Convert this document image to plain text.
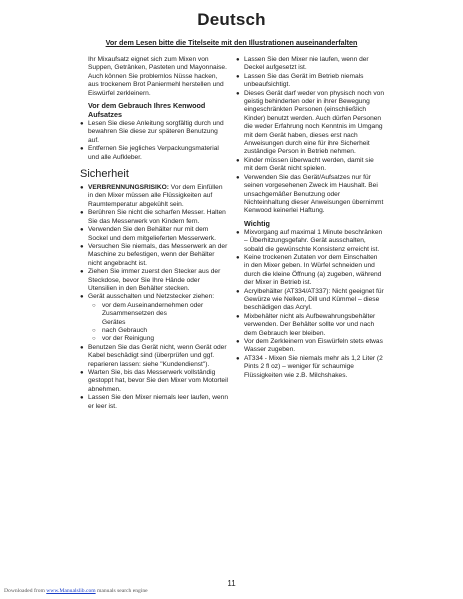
Deutsch
Vor dem Lesen bitte die Titelseite mit den Illustrationen auseinanderfalten
Ihr Mixaufsatz eignet sich zum Mixen von Suppen, Getränken, Pasteten und Mayonnaise. Auch können Sie problemlos Nüsse hacken, aus trockenem Brot Paniermehl herstellen und Eiswürfel zerkleinern.
Vor dem Gebrauch Ihres Kenwood Aufsatzes
● Lesen Sie diese Anleitung sorgfältig durch und bewahren Sie diese zur späteren Benutzung auf.
● Entfernen Sie jegliches Verpackungsmaterial und alle Aufkleber.
Sicherheit
● VERBRENNUNGSRISIKO: Vor dem Einfüllen in den Mixer müssen alle Flüssigkeiten auf Raumtemperatur abgekühlt sein.
● Berühren Sie nicht die scharfen Messer. Halten Sie das Messerwerk von Kindern fern.
● Verwenden Sie den Behälter nur mit dem Sockel und dem mitgelieferten Messerwerk.
● Versuchen Sie niemals, das Messerwerk an der Maschine zu befestigen, wenn der Behälter nicht angebracht ist.
● Ziehen Sie immer zuerst den Stecker aus der Steckdose, bevor Sie Ihre Hände oder Utensilien in den Behälter stecken.
● Gerät ausschalten und Netzstecker ziehen:
○ vor dem Auseinandernehmen oder Zusammensetzen des
Gerätes
○ nach Gebrauch
○ vor der Reinigung
● Benutzen Sie das Gerät nicht, wenn Gerät oder Kabel beschädigt sind (überprüfen und ggf. reparieren lassen: siehe "Kundendienst").
● Warten Sie, bis das Messerwerk vollständig gestoppt hat, bevor Sie den Mixer vom Motorteil abnehmen.
● Lassen Sie den Mixer niemals leer laufen, wenn er leer ist.
● Lassen Sie den Mixer nie laufen, wenn der Deckel aufgesetzt ist.
● Lassen Sie das Gerät im Betrieb niemals unbeaufsichtigt.
● Dieses Gerät darf weder von physisch noch von geistig behinderten oder in ihrer Bewegung eingeschränkten Personen (einschließlich Kinder) benutzt werden. Auch dürfen Personen die weder Erfahrung noch Kenntnis im Umgang mit dem Gerät haben, dieses erst nach Anweisungen durch eine für ihre Sicherheit zuständige Person in Betrieb nehmen.
● Kinder müssen überwacht werden, damit sie mit dem Gerät nicht spielen.
● Verwenden Sie das Gerät/Aufsatzes nur für seinen vorgesehenen Zweck im Haushalt. Bei unsachgemäßer Benutzung oder Nichteinhaltung dieser Anweisungen übernimmt Kenwood keinerlei Haftung.
Wichtig
● Mixvorgang auf maximal 1 Minute beschränken – Überhitzungsgefahr. Gerät ausschalten, sobald die gewünschte Konsistenz erreicht ist.
● Keine trockenen Zutaten vor dem Einschalten in den Mixer geben. In Würfel schneiden und durch die kleine Öffnung (a) zugeben, während der Mixer in Betrieb ist.
● Acrylbehälter (AT334/AT337): Nicht geeignet für Gewürze wie Nelken, Dill und Kümmel – diese beschädigen das Acryl.
● Mixbehälter nicht als Aufbewahrungsbehälter verwenden. Der Behälter sollte vor und nach dem Gebrauch leer bleiben.
● Vor dem Zerkleinern von Eiswürfeln stets etwas Wasser zugeben.
● AT334 - Mixen Sie niemals mehr als 1,2 Liter (2 Pints 2 fl oz) – weniger für schaumige Flüssigkeiten wie z.B. Milchshakes.
11
Downloaded from www.Manualslib.com manuals search engine
